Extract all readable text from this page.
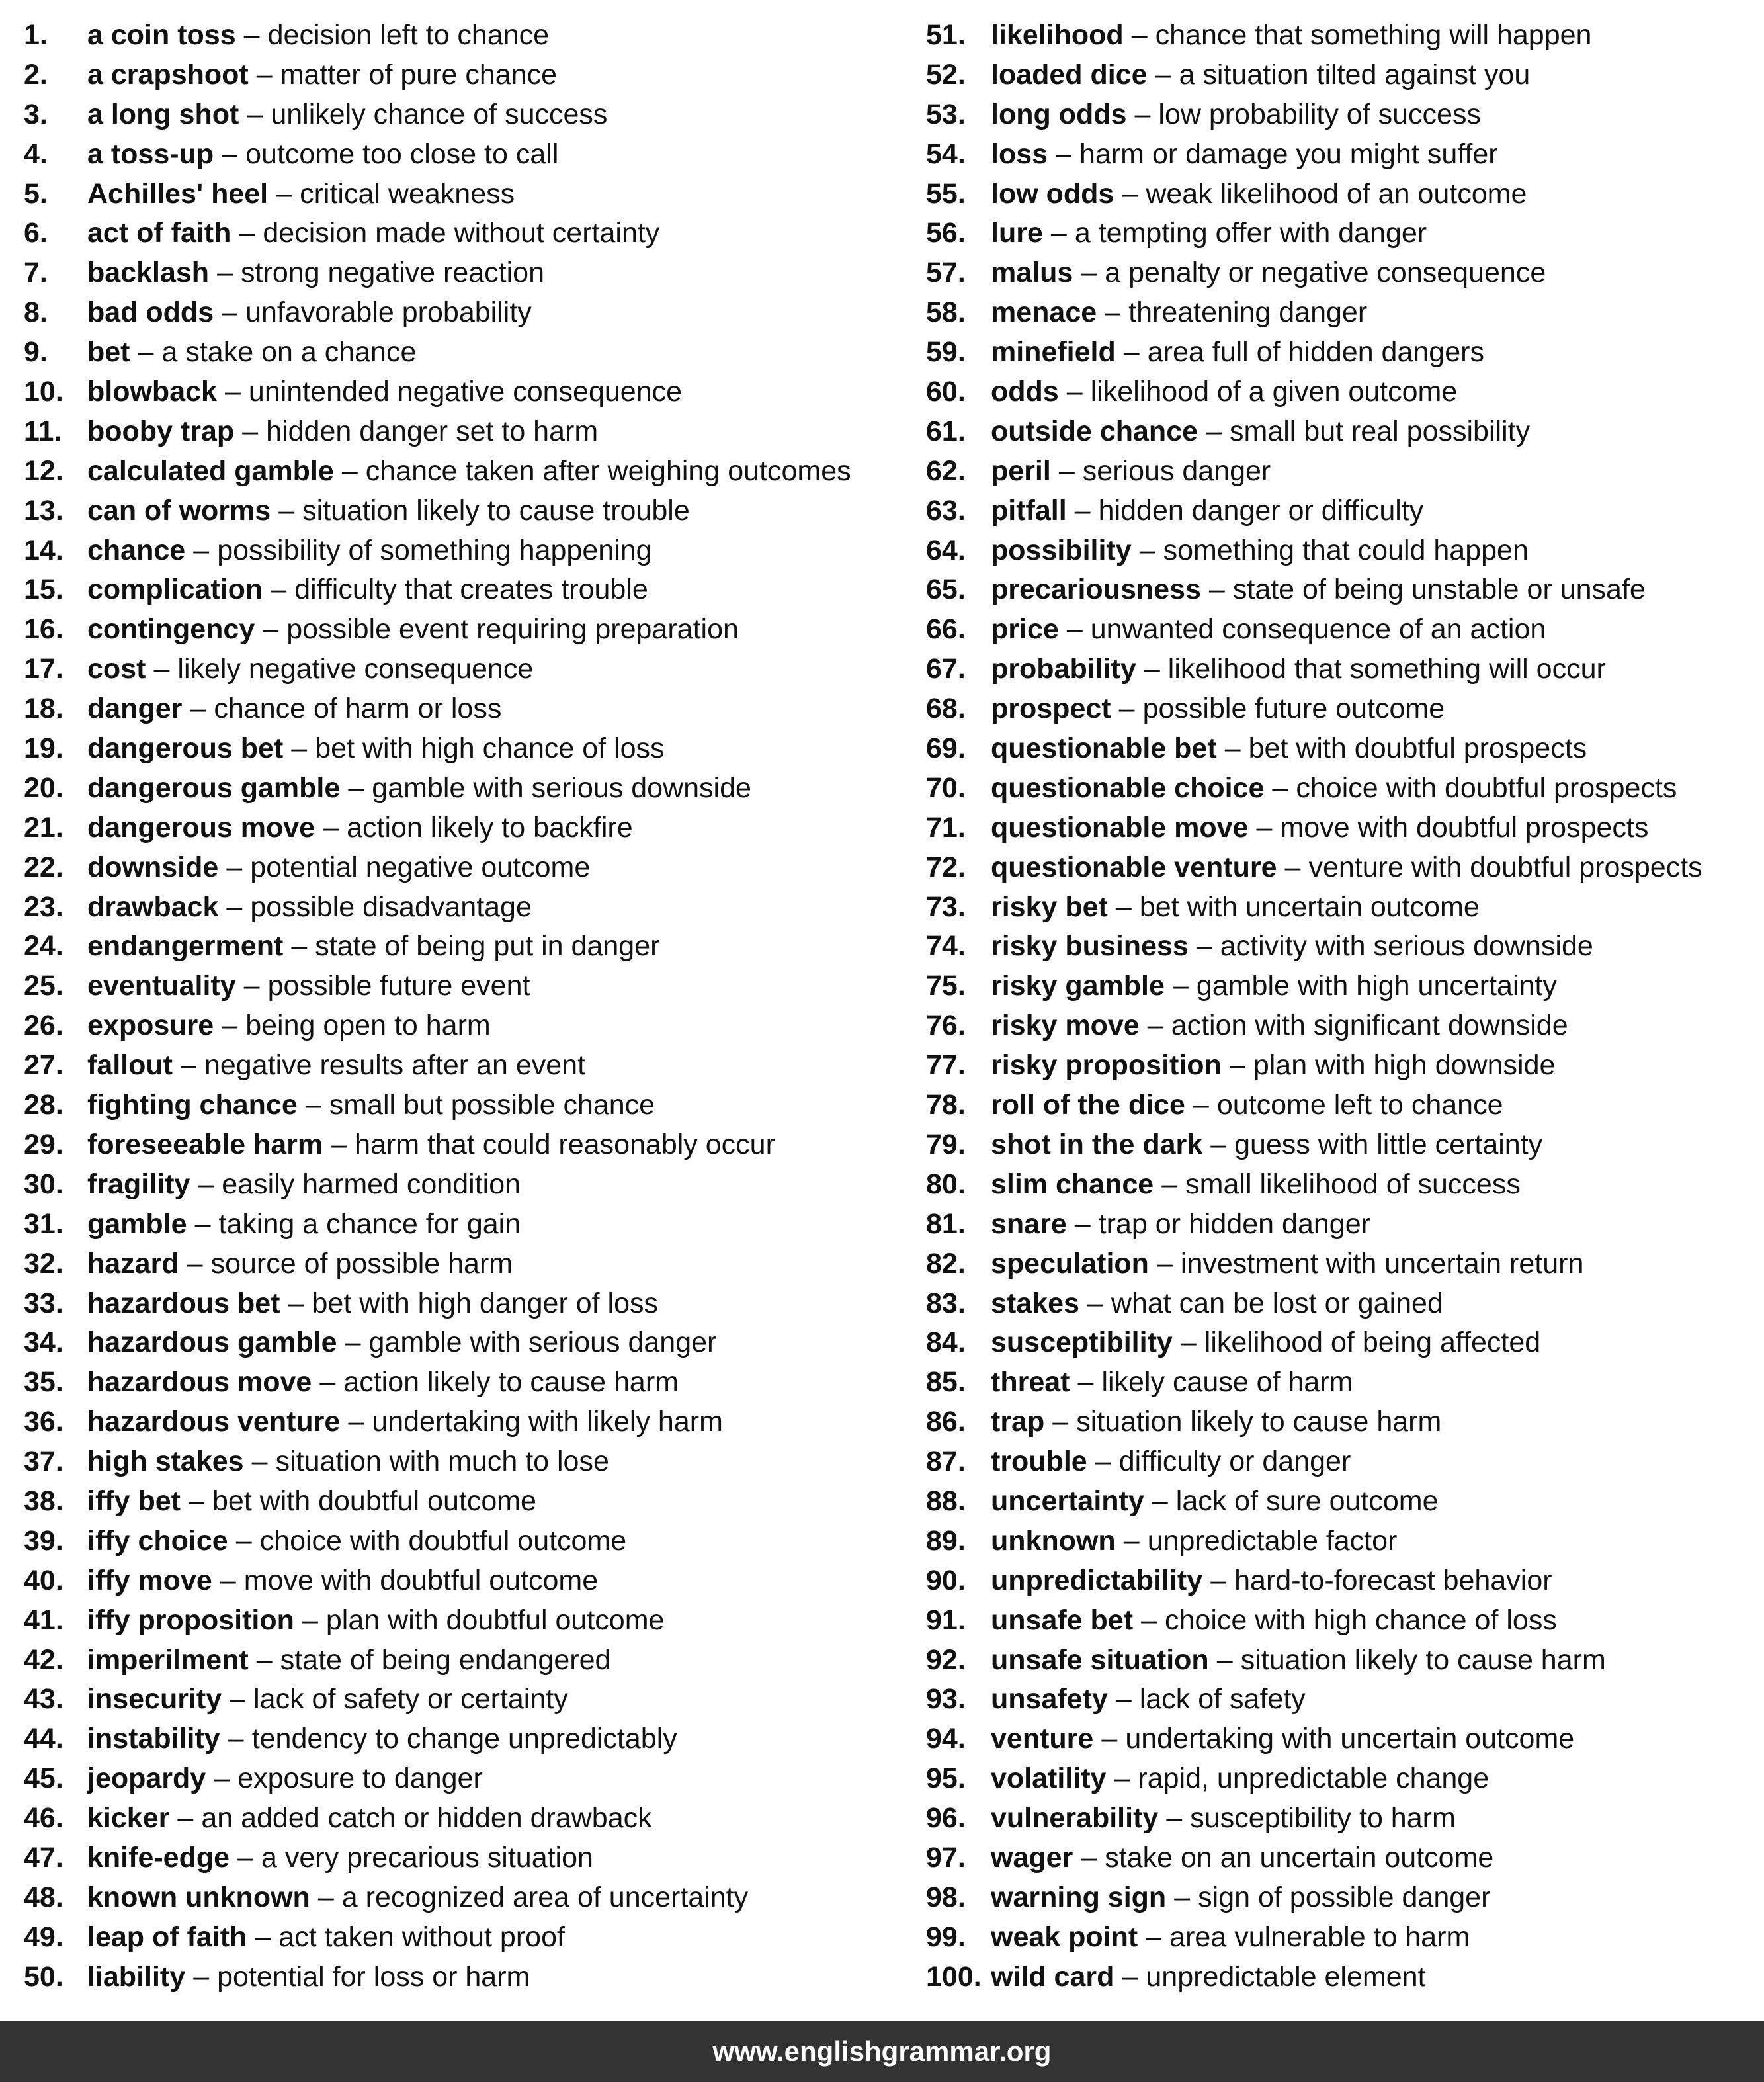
1.	a coin toss – decision left to chance
2.	a crapshoot – matter of pure chance
3.	a long shot – unlikely chance of success
4.	a toss-up – outcome too close to call
5.	Achilles' heel – critical weakness
6.	act of faith – decision made without certainty
7.	backlash – strong negative reaction
8.	bad odds – unfavorable probability
9.	bet – a stake on a chance
10. blowback – unintended negative consequence
11. booby trap – hidden danger set to harm
12. calculated gamble – chance taken after weighing outcomes
13. can of worms – situation likely to cause trouble
14. chance – possibility of something happening
15. complication – difficulty that creates trouble
16. contingency – possible event requiring preparation
17. cost – likely negative consequence
18. danger – chance of harm or loss
19. dangerous bet – bet with high chance of loss
20. dangerous gamble – gamble with serious downside
21. dangerous move – action likely to backfire
22. downside – potential negative outcome
23. drawback – possible disadvantage
24. endangerment – state of being put in danger
25. eventuality – possible future event
26. exposure – being open to harm
27. fallout – negative results after an event
28. fighting chance – small but possible chance
29. foreseeable harm – harm that could reasonably occur
30. fragility – easily harmed condition
31. gamble – taking a chance for gain
32. hazard – source of possible harm
33. hazardous bet – bet with high danger of loss
34. hazardous gamble – gamble with serious danger
35. hazardous move – action likely to cause harm
36. hazardous venture – undertaking with likely harm
37. high stakes – situation with much to lose
38. iffy bet – bet with doubtful outcome
39. iffy choice – choice with doubtful outcome
40. iffy move – move with doubtful outcome
41. iffy proposition – plan with doubtful outcome
42. imperilment – state of being endangered
43. insecurity – lack of safety or certainty
44. instability – tendency to change unpredictably
45. jeopardy – exposure to danger
46. kicker – an added catch or hidden drawback
47. knife-edge – a very precarious situation
48. known unknown – a recognized area of uncertainty
49. leap of faith – act taken without proof
50. liability – potential for loss or harm
51. likelihood – chance that something will happen
52. loaded dice – a situation tilted against you
53. long odds – low probability of success
54. loss – harm or damage you might suffer
55. low odds – weak likelihood of an outcome
56. lure – a tempting offer with danger
57. malus – a penalty or negative consequence
58. menace – threatening danger
59. minefield – area full of hidden dangers
60. odds – likelihood of a given outcome
61. outside chance – small but real possibility
62. peril – serious danger
63. pitfall – hidden danger or difficulty
64. possibility – something that could happen
65. precariousness – state of being unstable or unsafe
66. price – unwanted consequence of an action
67. probability – likelihood that something will occur
68. prospect – possible future outcome
69. questionable bet – bet with doubtful prospects
70. questionable choice – choice with doubtful prospects
71. questionable move – move with doubtful prospects
72. questionable venture – venture with doubtful prospects
73. risky bet – bet with uncertain outcome
74. risky business – activity with serious downside
75. risky gamble – gamble with high uncertainty
76. risky move – action with significant downside
77. risky proposition – plan with high downside
78. roll of the dice – outcome left to chance
79. shot in the dark – guess with little certainty
80. slim chance – small likelihood of success
81. snare – trap or hidden danger
82. speculation – investment with uncertain return
83. stakes – what can be lost or gained
84. susceptibility – likelihood of being affected
85. threat – likely cause of harm
86. trap – situation likely to cause harm
87. trouble – difficulty or danger
88. uncertainty – lack of sure outcome
89. unknown – unpredictable factor
90. unpredictability – hard-to-forecast behavior
91. unsafe bet – choice with high chance of loss
92. unsafe situation – situation likely to cause harm
93. unsafety – lack of safety
94. venture – undertaking with uncertain outcome
95. volatility – rapid, unpredictable change
96. vulnerability – susceptibility to harm
97. wager – stake on an uncertain outcome
98. warning sign – sign of possible danger
99. weak point – area vulnerable to harm
100. wild card – unpredictable element
www.englishgrammar.org
